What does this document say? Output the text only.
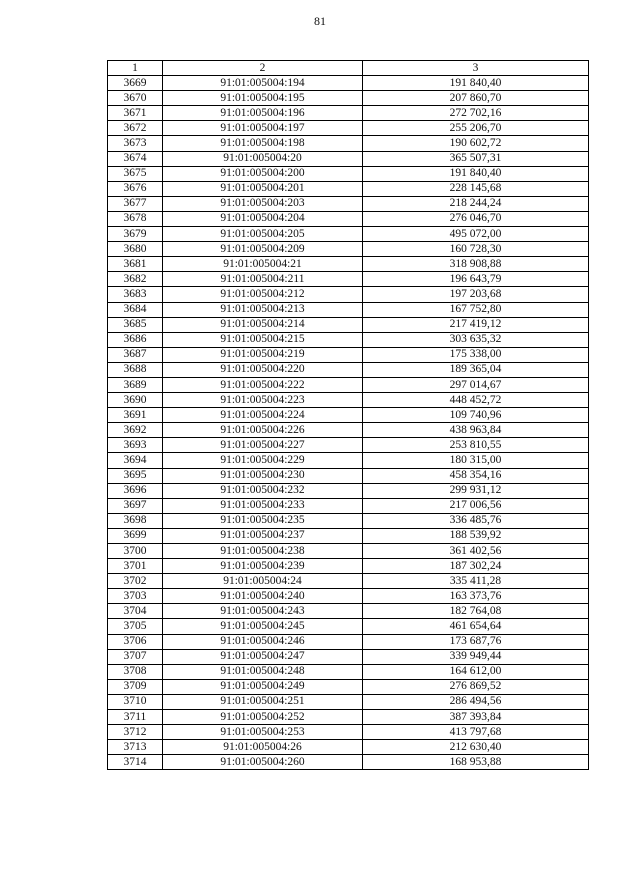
81
1	2	3
3669	91:01:005004:194	191 840,40
3670	91:01:005004:195	207 860,70
3671	91:01:005004:196	272 702,16
3672	91:01:005004:197	255 206,70
3673	91:01:005004:198	190 602,72
3674	91:01:005004:20	365 507,31
3675	91:01:005004:200	191 840,40
3676	91:01:005004:201	228 145,68
3677	91:01:005004:203	218 244,24
3678	91:01:005004:204	276 046,70
3679	91:01:005004:205	495 072,00
3680	91:01:005004:209	160 728,30
3681	91:01:005004:21	318 908,88
3682	91:01:005004:211	196 643,79
3683	91:01:005004:212	197 203,68
3684	91:01:005004:213	167 752,80
3685	91:01:005004:214	217 419,12
3686	91:01:005004:215	303 635,32
3687	91:01:005004:219	175 338,00
3688	91:01:005004:220	189 365,04
3689	91:01:005004:222	297 014,67
3690	91:01:005004:223	448 452,72
3691	91:01:005004:224	109 740,96
3692	91:01:005004:226	438 963,84
3693	91:01:005004:227	253 810,55
3694	91:01:005004:229	180 315,00
3695	91:01:005004:230	458 354,16
3696	91:01:005004:232	299 931,12
3697	91:01:005004:233	217 006,56
3698	91:01:005004:235	336 485,76
3699	91:01:005004:237	188 539,92
3700	91:01:005004:238	361 402,56
3701	91:01:005004:239	187 302,24
3702	91:01:005004:24	335 411,28
3703	91:01:005004:240	163 373,76
3704	91:01:005004:243	182 764,08
3705	91:01:005004:245	461 654,64
3706	91:01:005004:246	173 687,76
3707	91:01:005004:247	339 949,44
3708	91:01:005004:248	164 612,00
3709	91:01:005004:249	276 869,52
3710	91:01:005004:251	286 494,56
3711	91:01:005004:252	387 393,84
3712	91:01:005004:253	413 797,68
3713	91:01:005004:26	212 630,40
3714	91:01:005004:260	168 953,88
